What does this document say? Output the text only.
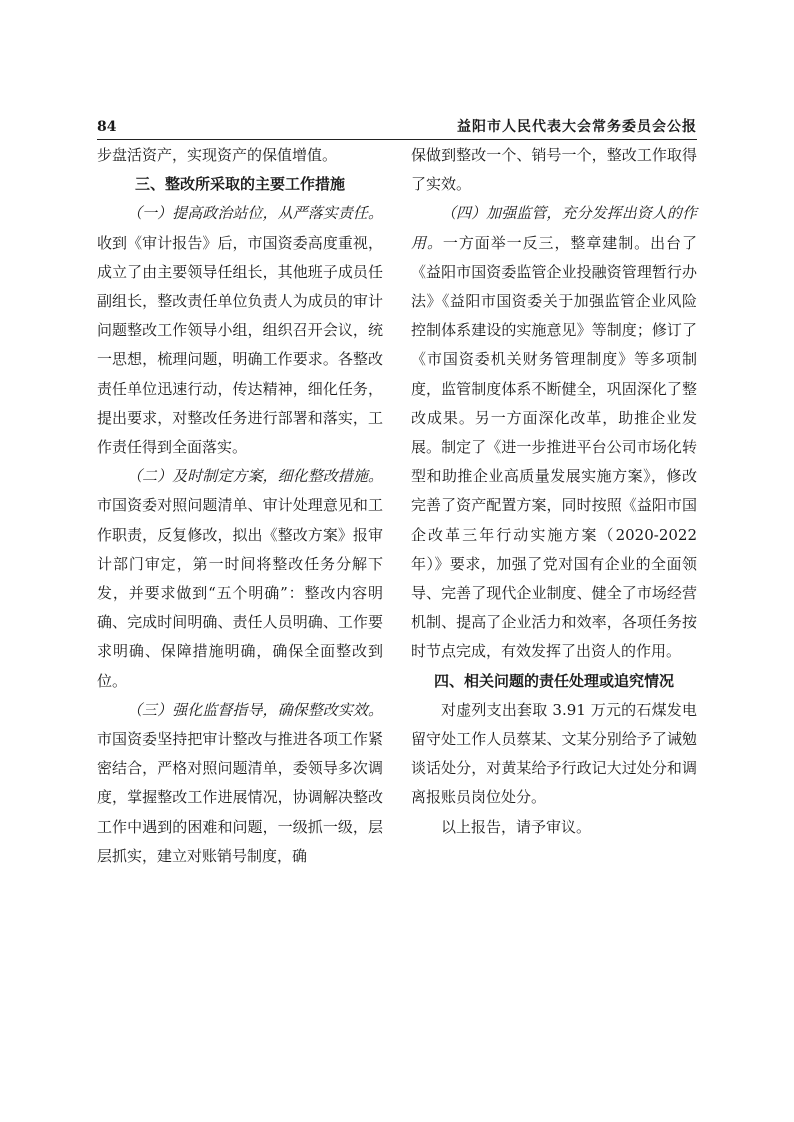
84	益阳市人民代表大会常务委员会公报

步盘活资产，实现资产的保值增值。

三、整改所采取的主要工作措施

（一）提高政治站位，从严落实责任。收到《审计报告》后，市国资委高度重视，成立了由主要领导任组长，其他班子成员任副组长，整改责任单位负责人为成员的审计问题整改工作领导小组，组织召开会议，统一思想，梳理问题，明确工作要求。各整改责任单位迅速行动，传达精神，细化任务，提出要求，对整改任务进行部署和落实，工作责任得到全面落实。

（二）及时制定方案，细化整改措施。市国资委对照问题清单、审计处理意见和工作职责，反复修改，拟出《整改方案》报审计部门审定，第一时间将整改任务分解下发，并要求做到“五个明确”：整改内容明确、完成时间明确、责任人员明确、工作要求明确、保障措施明确，确保全面整改到位。

（三）强化监督指导，确保整改实效。市国资委坚持把审计整改与推进各项工作紧密结合，严格对照问题清单，委领导多次调度，掌握整改工作进展情况，协调解决整改工作中遇到的困难和问题，一级抓一级，层层抓实，建立对账销号制度，确

保做到整改一个、销号一个，整改工作取得了实效。

（四）加强监管，充分发挥出资人的作用。一方面举一反三，整章建制。出台了《益阳市国资委监管企业投融资管理暂行办法》《益阳市国资委关于加强监管企业风险控制体系建设的实施意见》等制度；修订了《市国资委机关财务管理制度》等多项制度，监管制度体系不断健全，巩固深化了整改成果。另一方面深化改革，助推企业发展。制定了《进一步推进平台公司市场化转型和助推企业高质量发展实施方案》，修改完善了资产配置方案，同时按照《益阳市国企改革三年行动实施方案（2020-2022 年）》要求，加强了党对国有企业的全面领导、完善了现代企业制度、健全了市场经营机制、提高了企业活力和效率，各项任务按时节点完成，有效发挥了出资人的作用。

四、相关问题的责任处理或追究情况

对虚列支出套取 3.91 万元的石煤发电留守处工作人员蔡某、文某分别给予了诫勉谈话处分，对黄某给予行政记大过处分和调离报账员岗位处分。

以上报告，请予审议。
